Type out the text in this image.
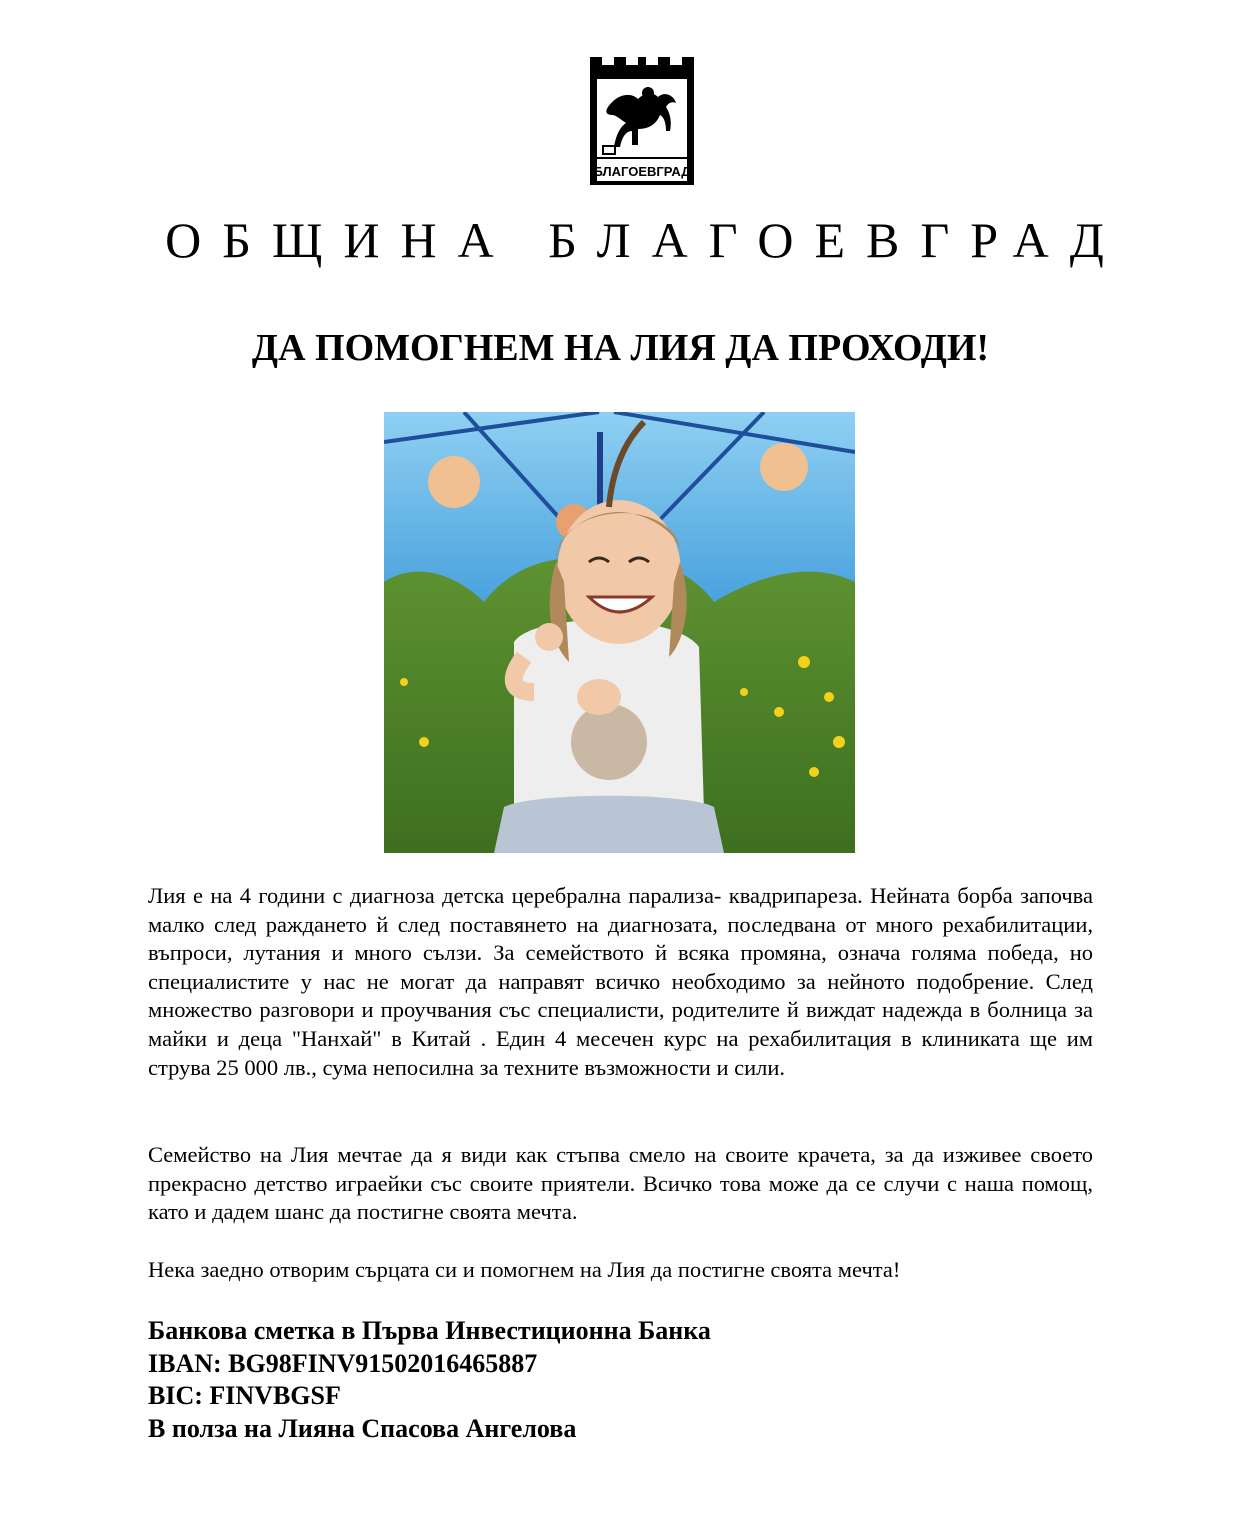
БЛАГОЕВГРАД
ОБЩИНА БЛАГОЕВГРАД
ДА ПОМОГНЕМ НА ЛИЯ ДА ПРОХОДИ!
Лия е на 4 години с диагноза детска церебрална парализа- квадрипареза. Нейната борба започва малко след раждането й след поставянето на диагнозата, последвана от много рехабилитации, въпроси, лутания и много сълзи. За семейството й всяка промяна, означа голяма победа, но специалистите у нас не могат да направят всичко необходимо за нейното подобрение. След множество разговори и проучвания със специалисти, родителите й виждат надежда в болница за майки и деца "Нанхай" в Китай . Един 4 месечен курс на рехабилитация в клиниката ще им струва 25 000 лв., сума непосилна за техните възможности и сили.
Семейство на Лия мечтае да я види как стъпва смело на своите крачета, за да изживее своето прекрасно детство играейки със своите приятели. Всичко това може да се случи с наша помощ, като и дадем шанс да постигне своята мечта.
Нека заедно отворим сърцата си и помогнем на Лия да постигне своята мечта!
Банкова сметка в Първа Инвестиционна Банка
IBAN: BG98FINV91502016465887
BIC: FINVBGSF
В полза на Лияна Спасова Ангелова
